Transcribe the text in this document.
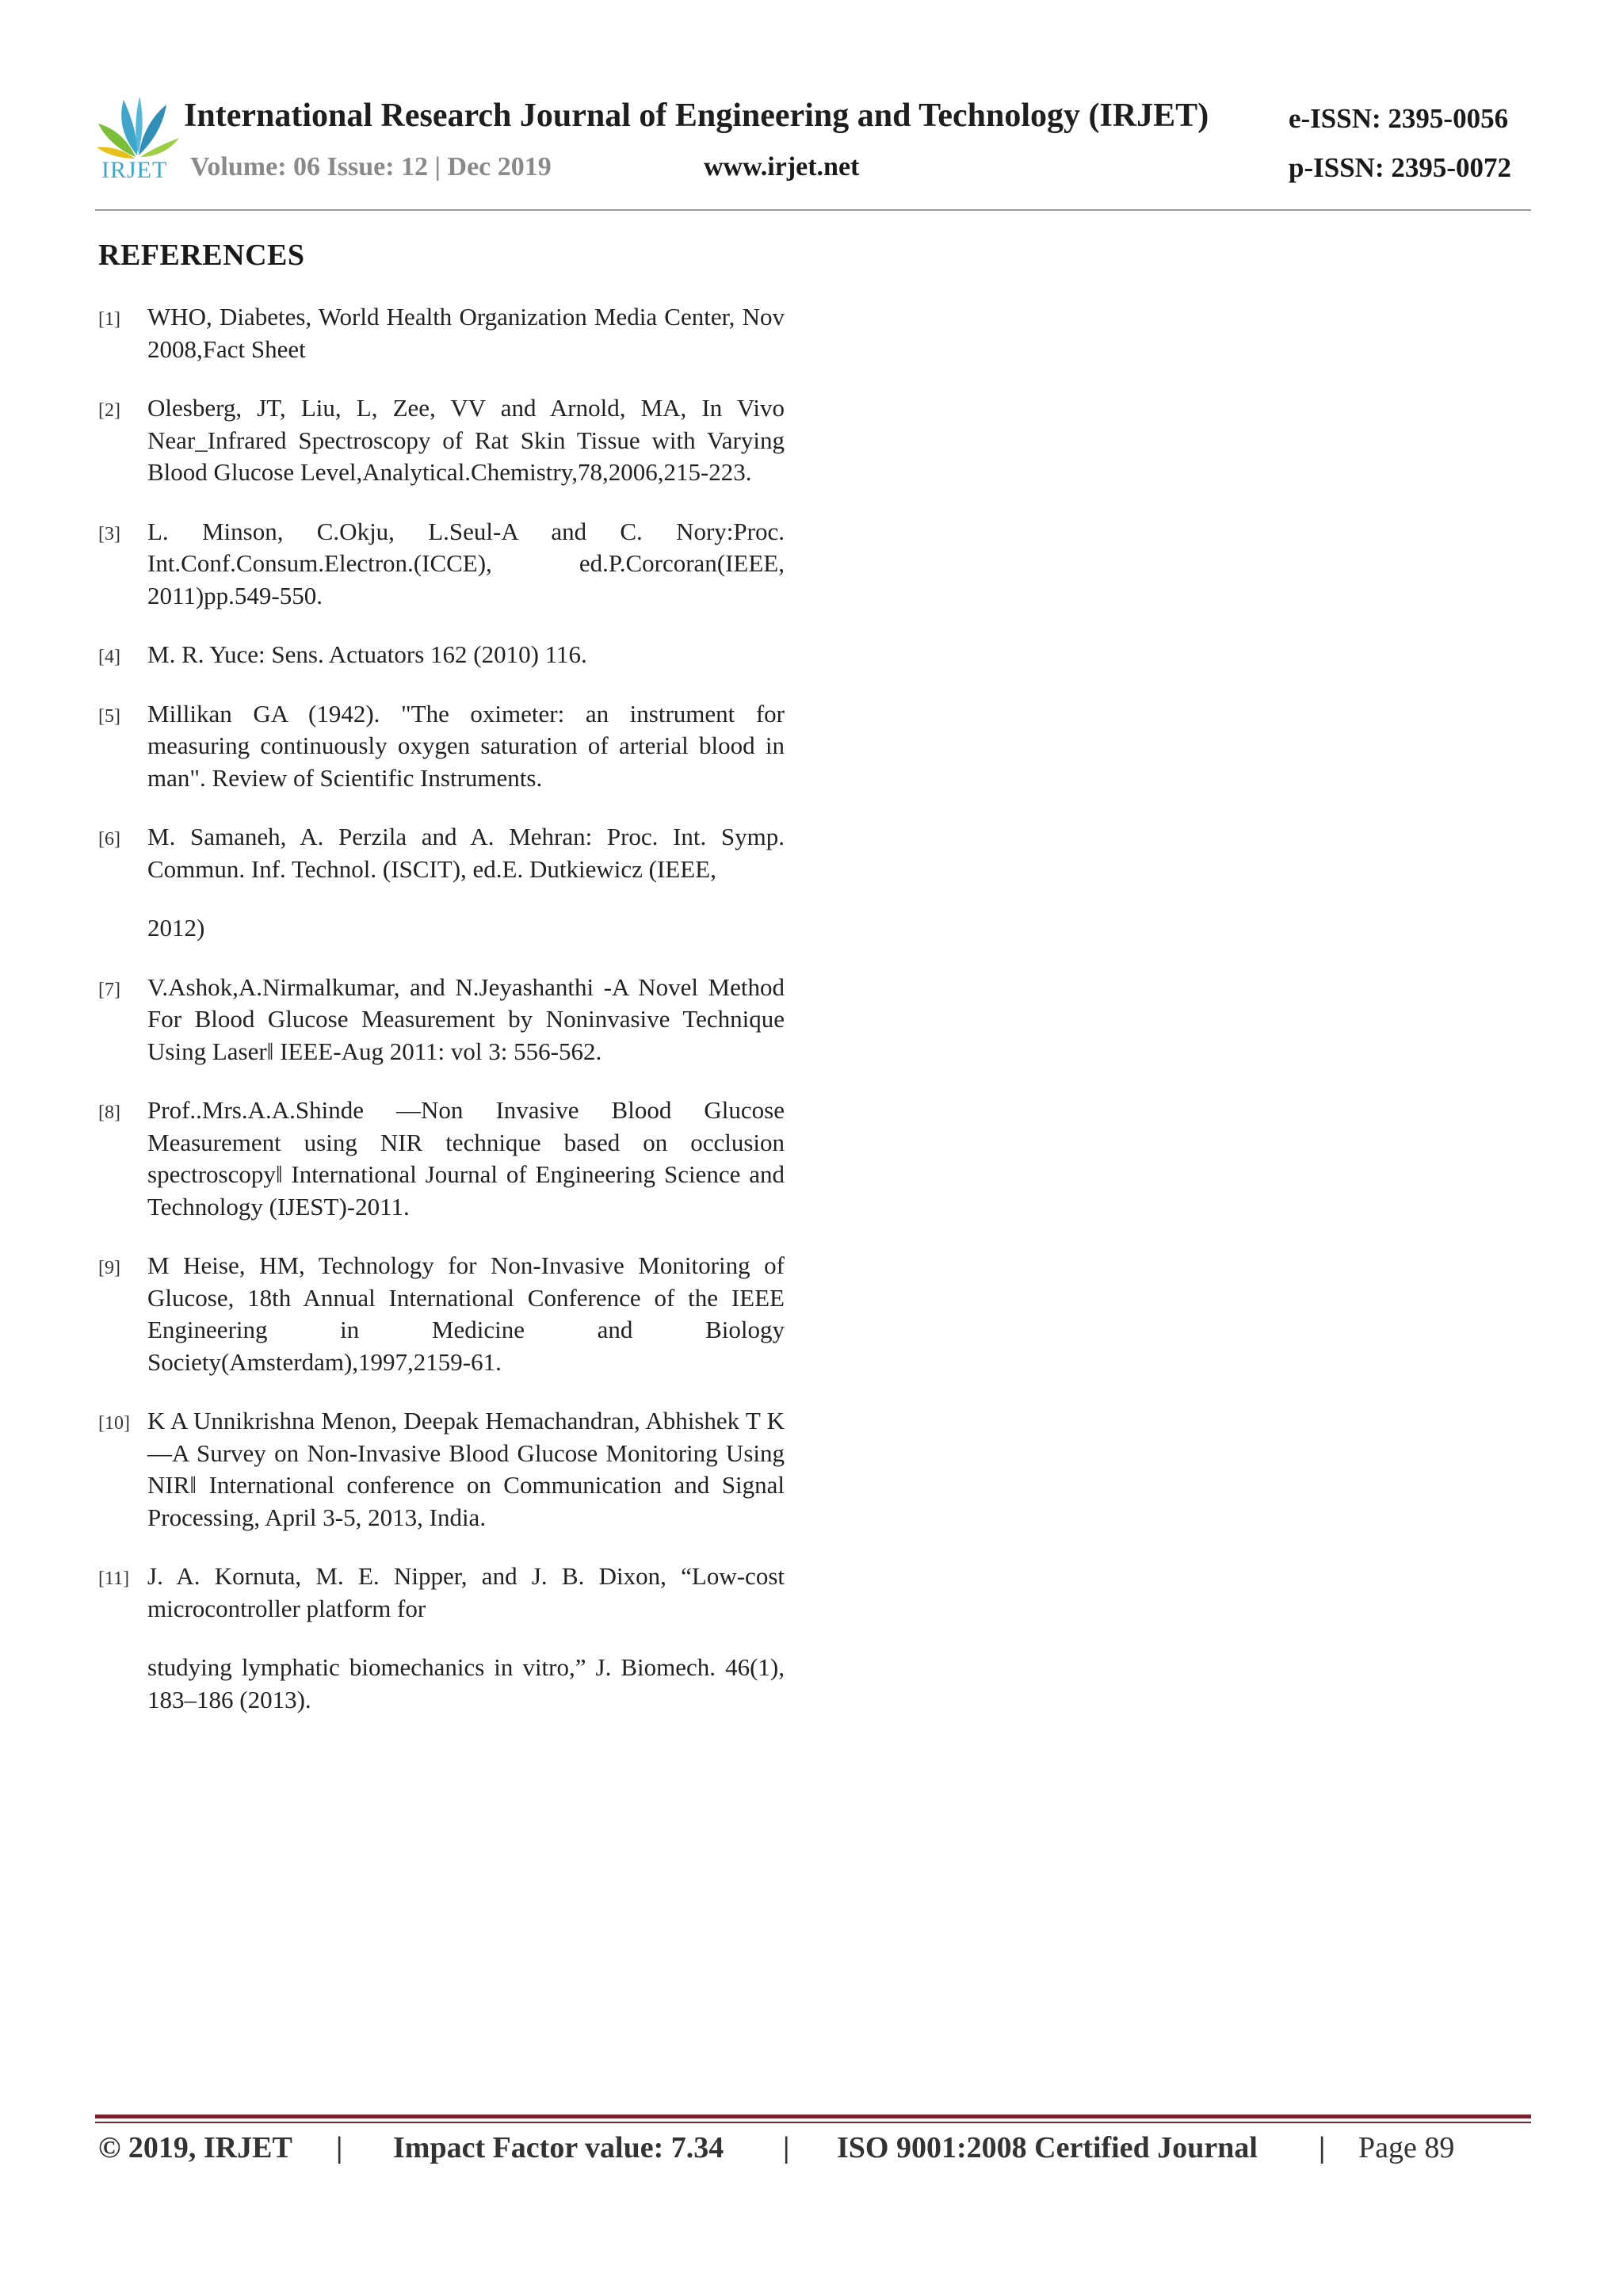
IRJET
International Research Journal of Engineering and Technology (IRJET)	e-ISSN: 2395-0056
Volume: 06 Issue: 12 | Dec 2019	www.irjet.net	p-ISSN: 2395-0072
REFERENCES
[1] WHO, Diabetes, World Health Organization Media Center, Nov 2008,Fact Sheet
[2] Olesberg, JT, Liu, L, Zee, VV and Arnold, MA, In Vivo Near_Infrared Spectroscopy of Rat Skin Tissue with Varying Blood Glucose Level,Analytical.Chemistry,78,2006,215-223.
[3] L. Minson, C.Okju, L.Seul-A and C. Nory:Proc. Int.Conf.Consum.Electron.(ICCE), ed.P.Corcoran(IEEE, 2011)pp.549-550.
[4] M. R. Yuce: Sens. Actuators 162 (2010) 116.
[5] Millikan GA (1942). "The oximeter: an instrument for measuring continuously oxygen saturation of arterial blood in man". Review of Scientific Instruments.
[6] M. Samaneh, A. Perzila and A. Mehran: Proc. Int. Symp. Commun. Inf. Technol. (ISCIT), ed.E. Dutkiewicz (IEEE,
2012)
[7] V.Ashok,A.Nirmalkumar, and N.Jeyashanthi -A Novel Method For Blood Glucose Measurement by Noninvasive Technique Using Laser‖ IEEE-Aug 2011: vol 3: 556-562.
[8] Prof..Mrs.A.A.Shinde ―Non Invasive Blood Glucose Measurement using NIR technique based on occlusion spectroscopy‖ International Journal of Engineering Science and Technology (IJEST)-2011.
[9] M Heise, HM, Technology for Non-Invasive Monitoring of Glucose, 18th Annual International Conference of the IEEE Engineering in Medicine and Biology Society(Amsterdam),1997,2159-61.
[10] K A Unnikrishna Menon, Deepak Hemachandran, Abhishek T K ―A Survey on Non-Invasive Blood Glucose Monitoring Using NIR‖ International conference on Communication and Signal Processing, April 3-5, 2013, India.
[11] J. A. Kornuta, M. E. Nipper, and J. B. Dixon, “Low-cost microcontroller platform for
studying lymphatic biomechanics in vitro,” J. Biomech. 46(1), 183–186 (2013).
© 2019, IRJET | Impact Factor value: 7.34 | ISO 9001:2008 Certified Journal | Page 89
